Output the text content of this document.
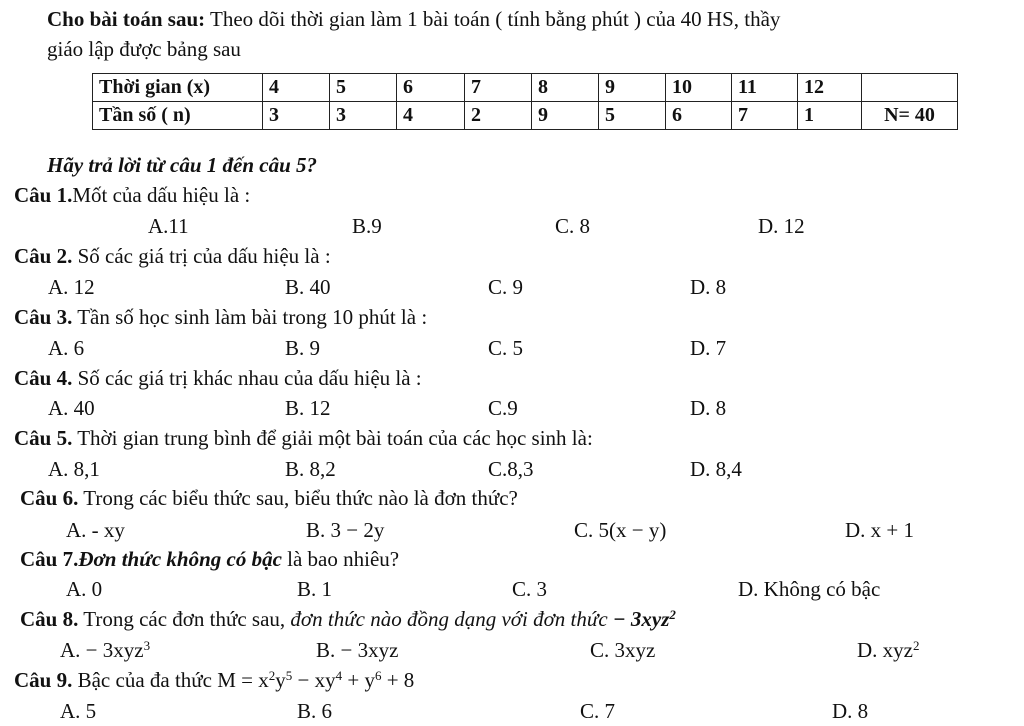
Cho bài toán sau: Theo dõi thời gian làm 1 bài toán ( tính bằng phút ) của 40 HS, thầy
giáo lập được bảng sau
Thời gian (x)	4	5	6	7	8	9	10	11	12	
Tần số ( n)	3	3	4	2	9	5	6	7	1	N= 40
Hãy trả lời từ câu 1 đến câu 5?
Câu 1.Mốt của dấu hiệu là :
A.11	B.9	C. 8	D. 12
Câu 2. Số các giá trị của dấu hiệu là :
A. 12	B. 40	C. 9	D. 8
Câu 3. Tần số học sinh làm bài trong 10 phút là :
A. 6	B. 9	C. 5	D. 7
Câu 4. Số các giá trị khác nhau của dấu hiệu là :
A. 40	B. 12	C.9	D. 8
Câu 5. Thời gian trung bình để giải một bài toán của các học sinh là:
A. 8,1	B. 8,2	C.8,3	D. 8,4
Câu 6. Trong các biểu thức sau, biểu thức nào là đơn thức?
A. - xy	B. 3 − 2y	C. 5(x − y)	D. x + 1
Câu 7.Đơn thức không có bậc là bao nhiêu?
A. 0	B. 1	C. 3	D. Không có bậc
Câu 8. Trong các đơn thức sau, đơn thức nào đồng dạng với đơn thức − 3xyz$^2$
A. − 3xyz$^3$	B. − 3xyz	C. 3xyz	D. xyz$^2$
Câu 9. Bậc của đa thức $M = x^2y^5 - xy^4 + y^6 + 8$
A. 5	B. 6	C. 7	D. 8
